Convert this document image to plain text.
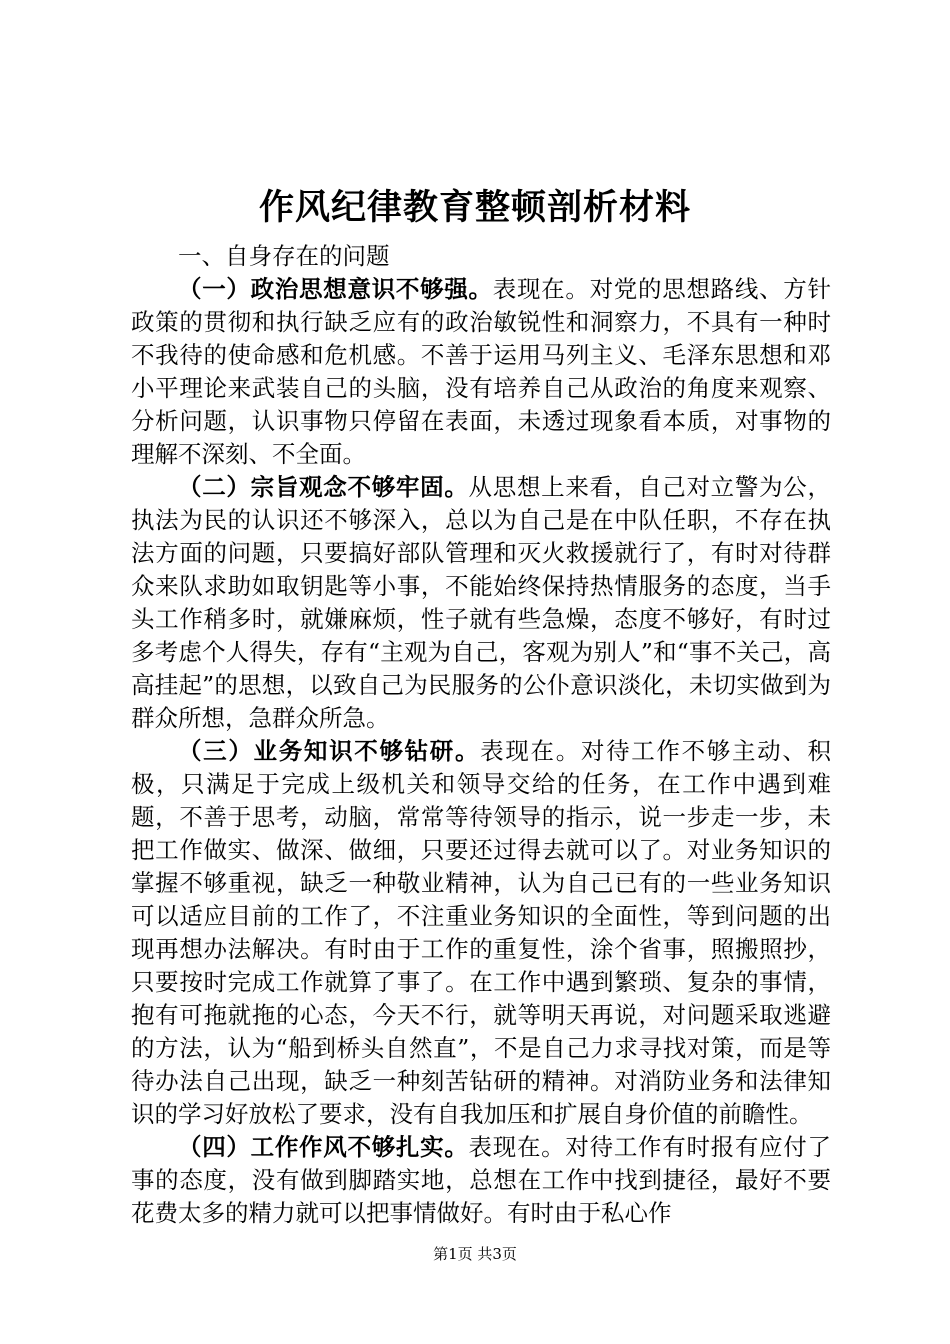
作风纪律教育整顿剖析材料
一、自身存在的问题

（一）政治思想意识不够强。表现在。对党的思想路线、方针政策的贯彻和执行缺乏应有的政治敏锐性和洞察力，不具有一种时不我待的使命感和危机感。不善于运用马列主义、毛泽东思想和邓小平理论来武装自己的头脑，没有培养自己从政治的角度来观察、分析问题，认识事物只停留在表面，未透过现象看本质，对事物的理解不深刻、不全面。

（二）宗旨观念不够牢固。从思想上来看，自己对立警为公，执法为民的认识还不够深入，总以为自己是在中队任职，不存在执法方面的问题，只要搞好部队管理和灭火救援就行了，有时对待群众来队求助如取钥匙等小事，不能始终保持热情服务的态度，当手头工作稍多时，就嫌麻烦，性子就有些急燥，态度不够好，有时过多考虑个人得失，存有“主观为自己，客观为别人”和“事不关己，高高挂起”的思想，以致自己为民服务的公仆意识淡化，未切实做到为群众所想，急群众所急。

（三）业务知识不够钻研。表现在。对待工作不够主动、积极，只满足于完成上级机关和领导交给的任务，在工作中遇到难题，不善于思考，动脑，常常等待领导的指示，说一步走一步，未把工作做实、做深、做细，只要还过得去就可以了。对业务知识的掌握不够重视，缺乏一种敬业精神，认为自己已有的一些业务知识可以适应目前的工作了，不注重业务知识的全面性，等到问题的出现再想办法解决。有时由于工作的重复性，涂个省事，照搬照抄，只要按时完成工作就算了事了。在工作中遇到繁琐、复杂的事情，抱有可拖就拖的心态，今天不行，就等明天再说，对问题采取逃避的方法，认为“船到桥头自然直”，不是自己力求寻找对策，而是等待办法自己出现，缺乏一种刻苦钻研的精神。对消防业务和法律知识的学习好放松了要求，没有自我加压和扩展自身价值的前瞻性。

（四）工作作风不够扎实。表现在。对待工作有时报有应付了事的态度，没有做到脚踏实地，总想在工作中找到捷径，最好不要花费太多的精力就可以把事情做好。有时由于私心作

第1页 共3页
